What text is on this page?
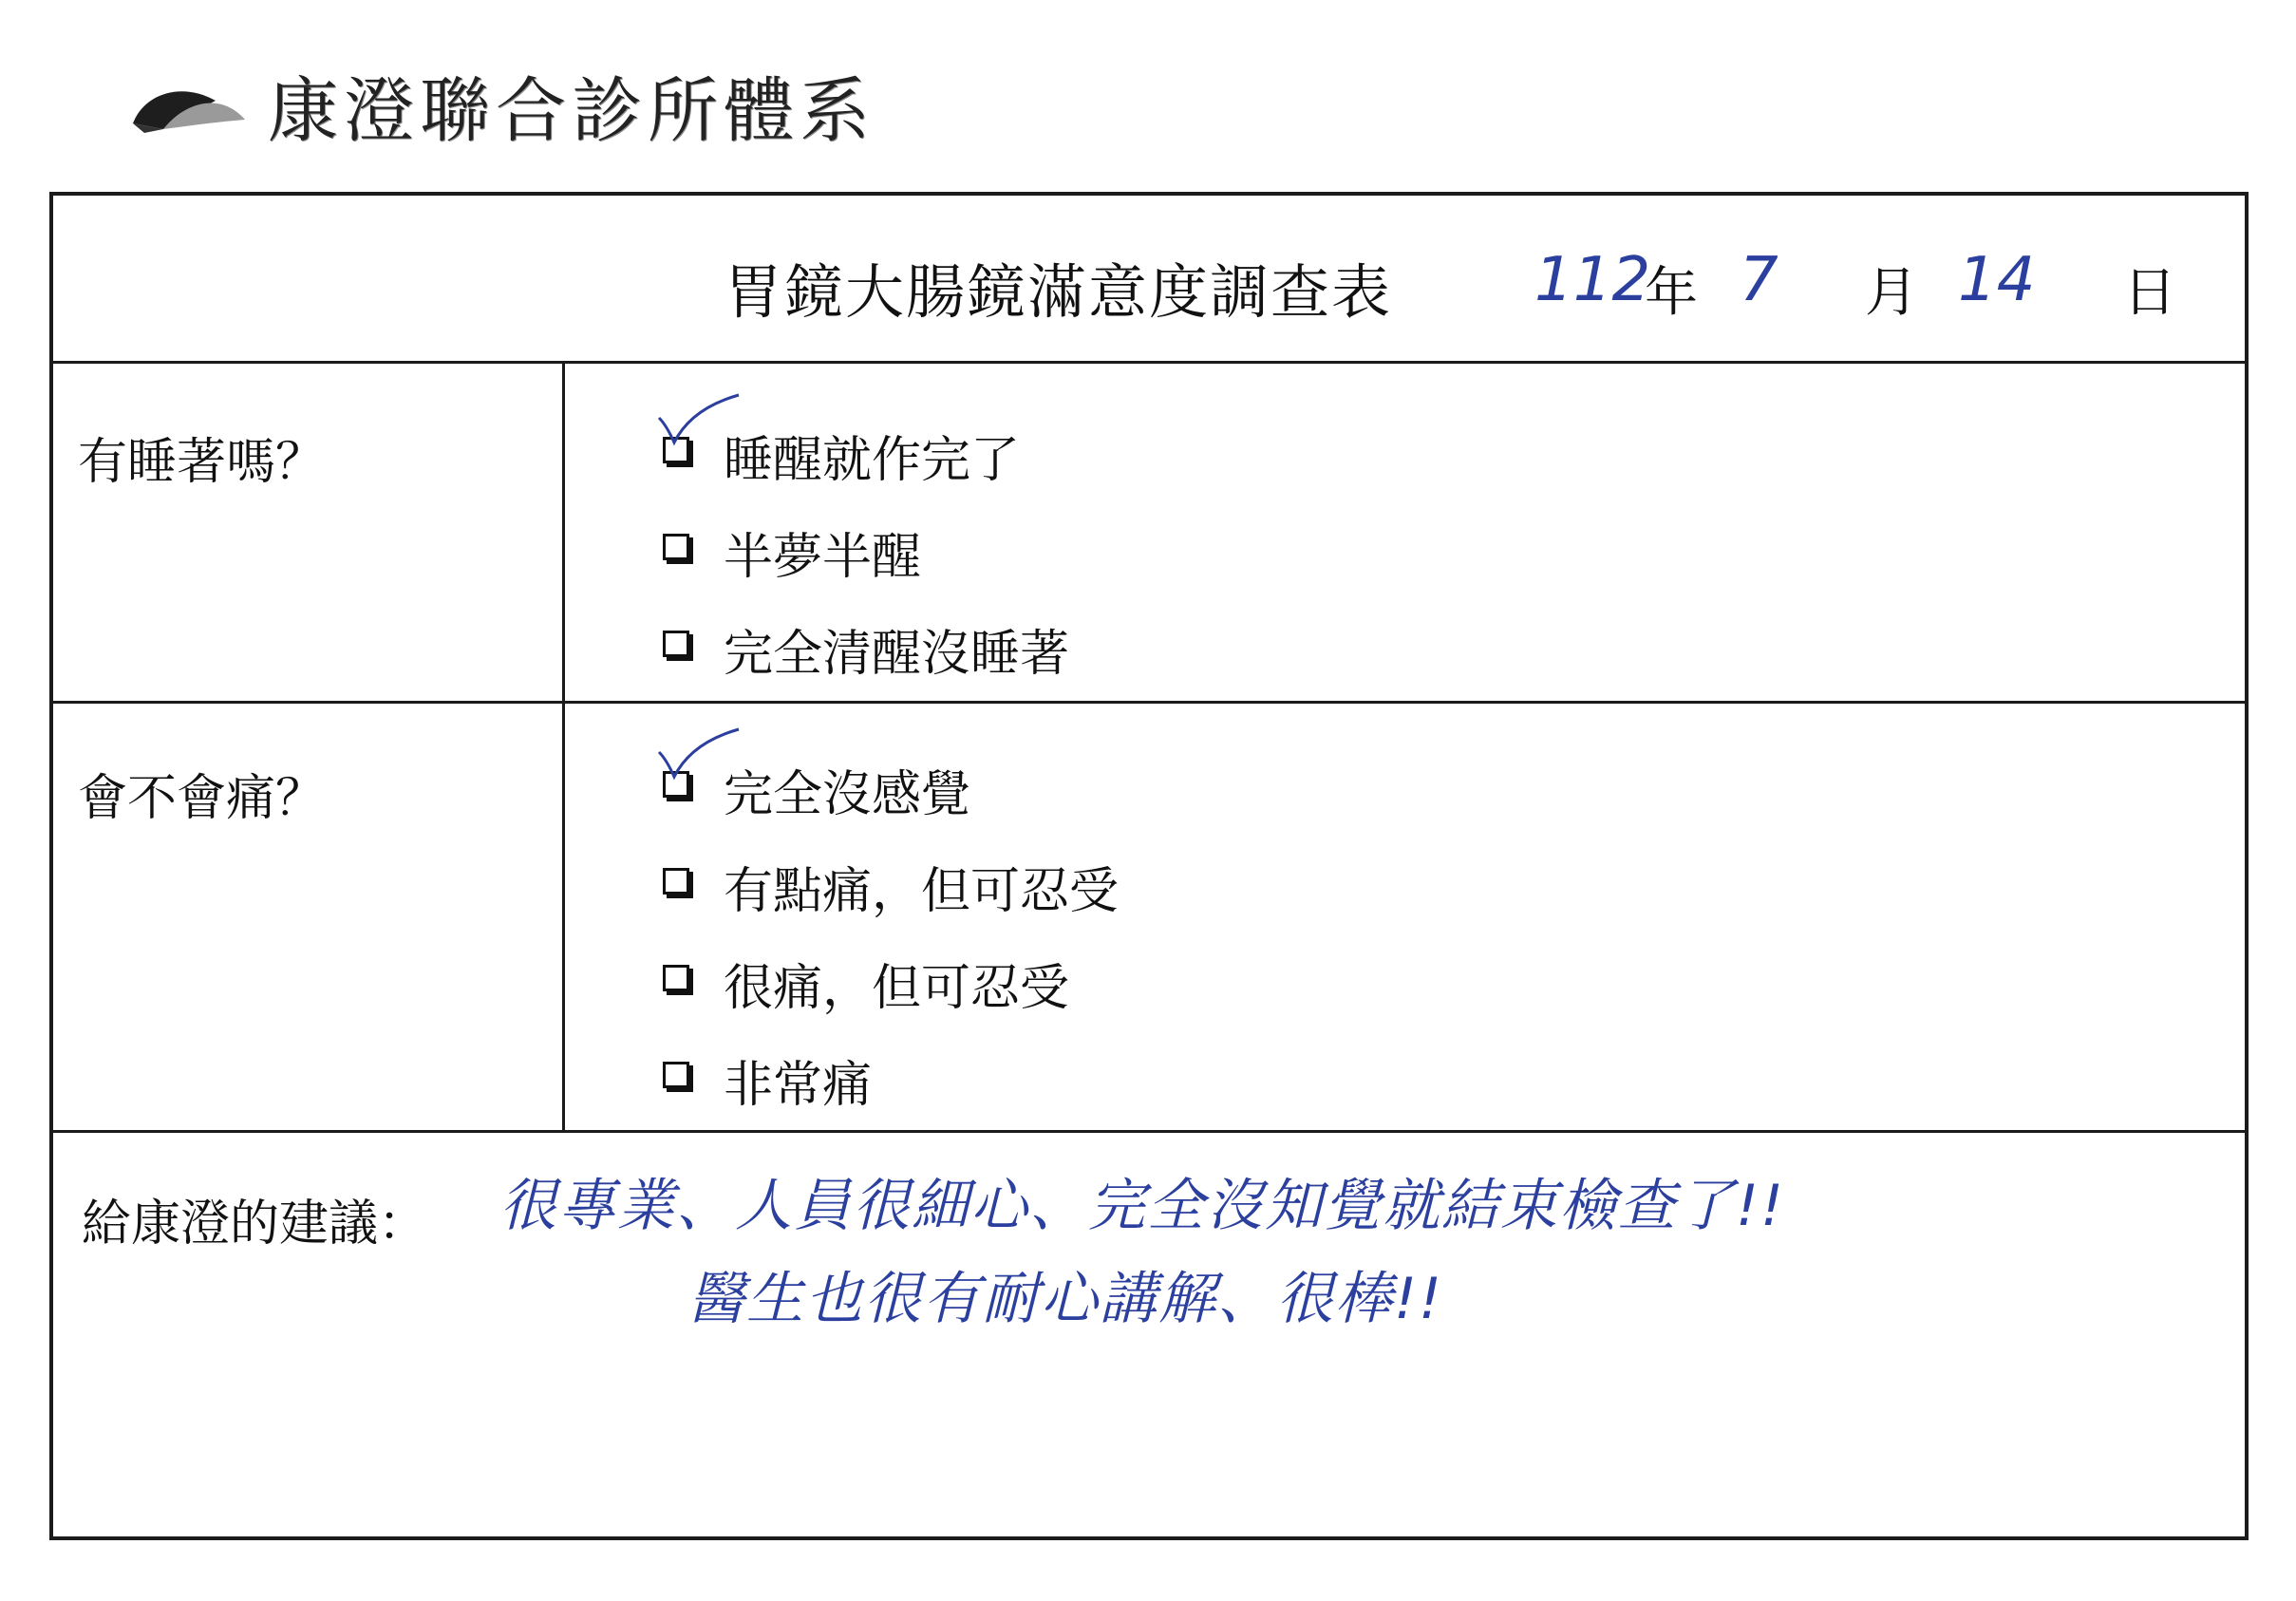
康澄聯合診所體系
胃鏡大腸鏡滿意度調查表 112
年 7 月 14 日
有睡著嗎？	睡醒就作完了
半夢半醒
完全清醒沒睡著
會不會痛？	完全沒感覺
有點痛，但可忍受
很痛，但可忍受
非常痛
給康澄的建議： 很專業、人員很細心、完全沒知覺就結束檢查了!!
醫生也很有耐心講解、很棒!!
